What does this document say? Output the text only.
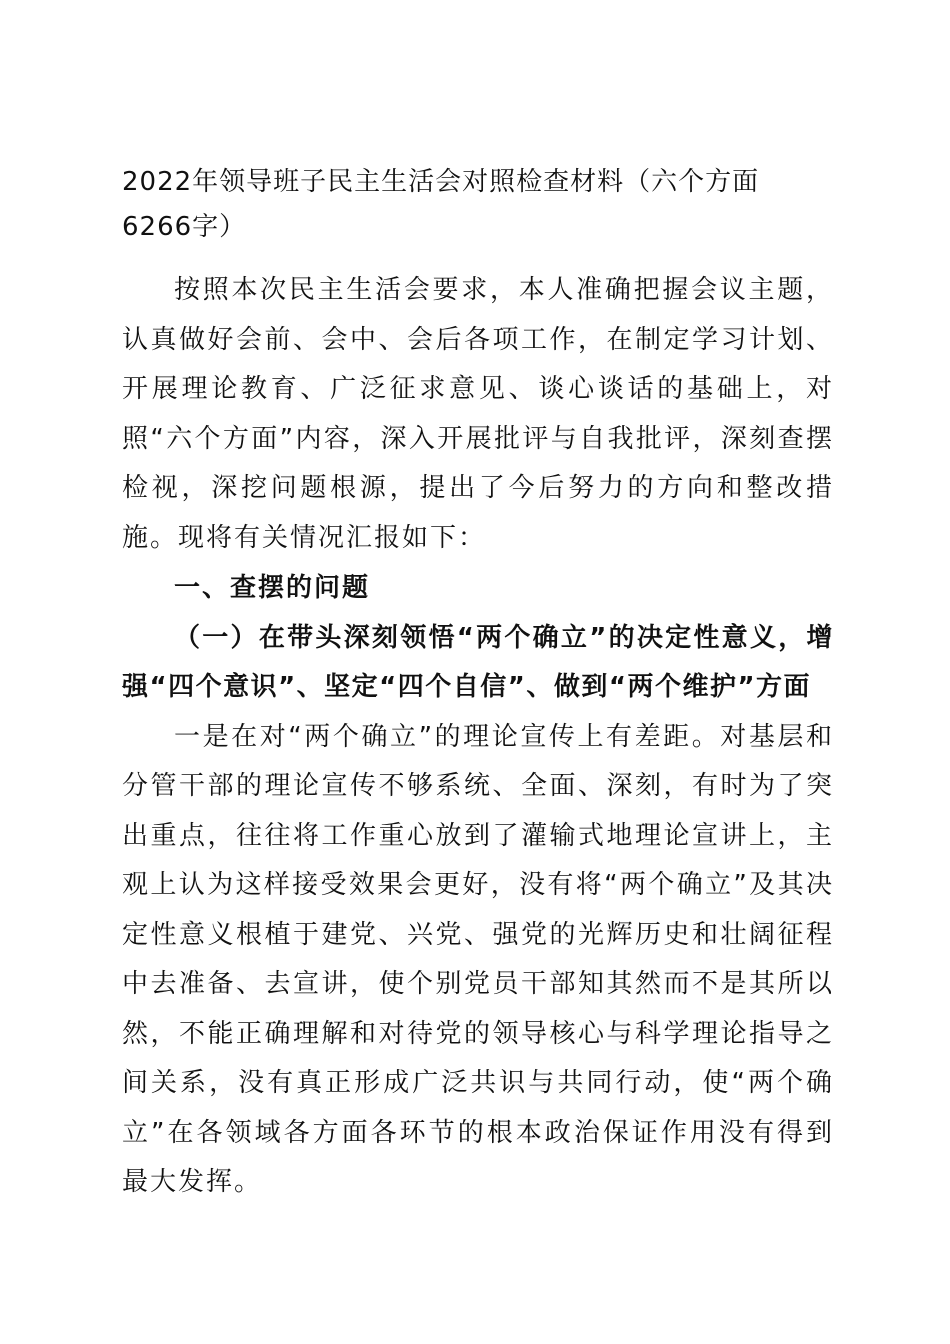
2022年领导班子民主生活会对照检查材料（六个方面 6266字）

按照本次民主生活会要求，本人准确把握会议主题，认真做好会前、会中、会后各项工作，在制定学习计划、开展理论教育、广泛征求意见、谈心谈话的基础上，对照“六个方面”内容，深入开展批评与自我批评，深刻查摆检视，深挖问题根源，提出了今后努力的方向和整改措施。现将有关情况汇报如下：

一、查摆的问题

（一）在带头深刻领悟“两个确立”的决定性意义，增强“四个意识”、坚定“四个自信”、做到“两个维护”方面

一是在对“两个确立”的理论宣传上有差距。对基层和分管干部的理论宣传不够系统、全面、深刻，有时为了突出重点，往往将工作重心放到了灌输式地理论宣讲上，主观上认为这样接受效果会更好，没有将“两个确立”及其决定性意义根植于建党、兴党、强党的光辉历史和壮阔征程中去准备、去宣讲，使个别党员干部知其然而不是其所以然，不能正确理解和对待党的领导核心与科学理论指导之间关系，没有真正形成广泛共识与共同行动，使“两个确立”在各领域各方面各环节的根本政治保证作用没有得到最大发挥。
